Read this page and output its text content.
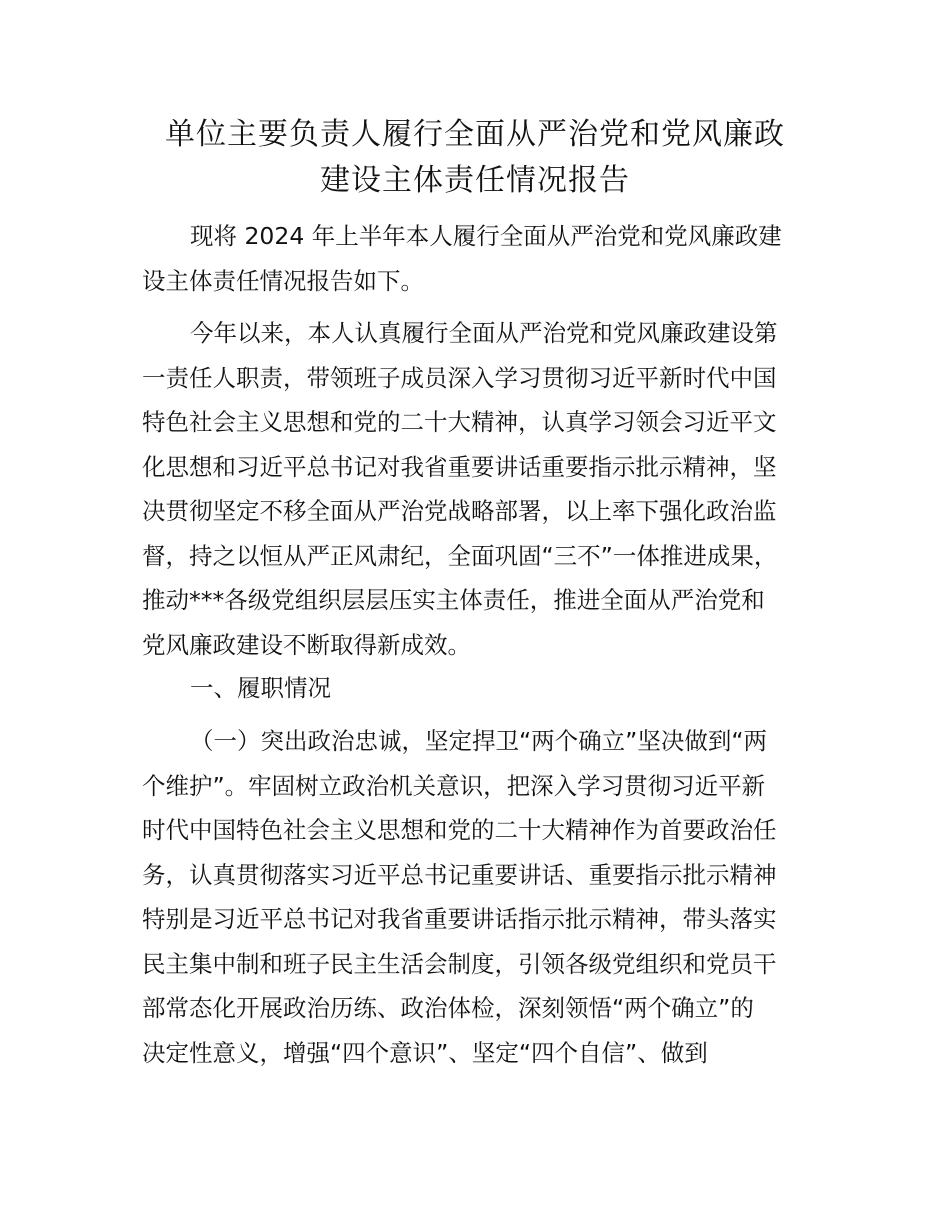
单位主要负责人履行全面从严治党和党风廉政
建设主体责任情况报告
现将 2024 年上半年本人履行全面从严治党和党风廉政建
设主体责任情况报告如下。
今年以来，本人认真履行全面从严治党和党风廉政建设第
一责任人职责，带领班子成员深入学习贯彻习近平新时代中国
特色社会主义思想和党的二十大精神，认真学习领会习近平文
化思想和习近平总书记对我省重要讲话重要指示批示精神，坚
决贯彻坚定不移全面从严治党战略部署，以上率下强化政治监
督，持之以恒从严正风肃纪，全面巩固“三不”一体推进成果，
推动***各级党组织层层压实主体责任，推进全面从严治党和
党风廉政建设不断取得新成效。
一、履职情况
（一）突出政治忠诚，坚定捍卫“两个确立”坚决做到“两
个维护”。牢固树立政治机关意识，把深入学习贯彻习近平新
时代中国特色社会主义思想和党的二十大精神作为首要政治任
务，认真贯彻落实习近平总书记重要讲话、重要指示批示精神
特别是习近平总书记对我省重要讲话指示批示精神，带头落实
民主集中制和班子民主生活会制度，引领各级党组织和党员干
部常态化开展政治历练、政治体检，深刻领悟“两个确立”的
决定性意义，增强“四个意识”、坚定“四个自信”、做到
